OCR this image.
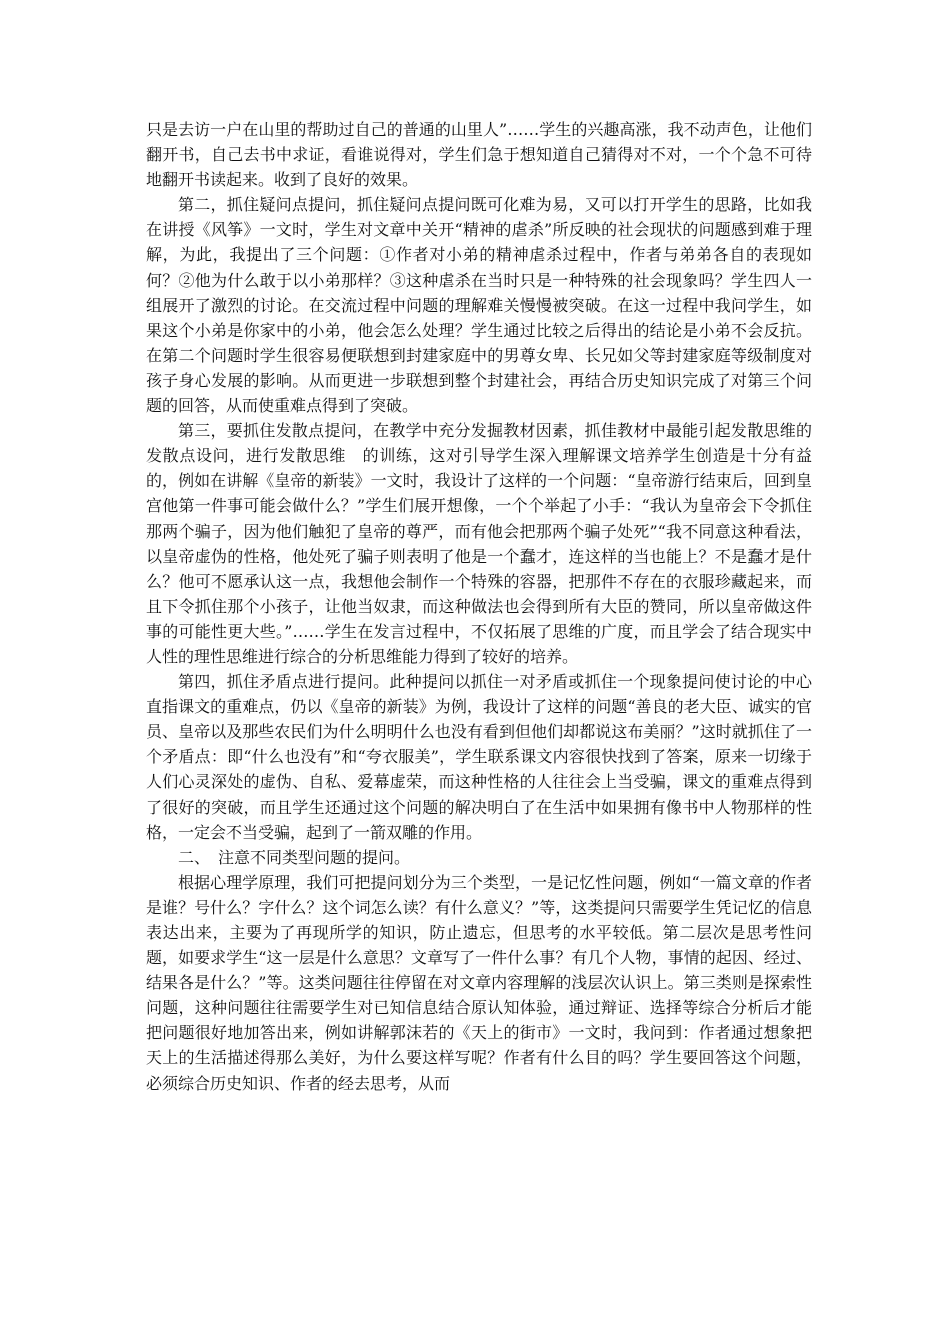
只是去访一户在山里的帮助过自己的普通的山里人”……学生的兴趣高涨，我不动声色，让他们翻开书，自己去书中求证，看谁说得对，学生们急于想知道自己猜得对不对，一个个急不可待地翻开书读起来。收到了良好的效果。

第二，抓住疑问点提问，抓住疑问点提问既可化难为易，又可以打开学生的思路，比如我在讲授《风筝》一文时，学生对文章中关开“精神的虐杀”所反映的社会现状的问题感到难于理解，为此，我提出了三个问题：①作者对小弟的精神虐杀过程中，作者与弟弟各自的表现如何？②他为什么敢于以小弟那样？③这种虐杀在当时只是一种特殊的社会现象吗？学生四人一组展开了激烈的讨论。在交流过程中问题的理解难关慢慢被突破。在这一过程中我问学生，如果这个小弟是你家中的小弟，他会怎么处理？学生通过比较之后得出的结论是小弟不会反抗。在第二个问题时学生很容易便联想到封建家庭中的男尊女卑、长兄如父等封建家庭等级制度对孩子身心发展的影响。从而更进一步联想到整个封建社会，再结合历史知识完成了对第三个问题的回答，从而使重难点得到了突破。

第三，要抓住发散点提问，在教学中充分发掘教材因素，抓佳教材中最能引起发散思维的发散点设问，进行发散思维　的训练，这对引导学生深入理解课文培养学生创造是十分有益的，例如在讲解《皇帝的新装》一文时，我设计了这样的一个问题：“皇帝游行结束后，回到皇宫他第一件事可能会做什么？”学生们展开想像，一个个举起了小手：“我认为皇帝会下令抓住那两个骗子，因为他们触犯了皇帝的尊严，而有他会把那两个骗子处死”“我不同意这种看法，以皇帝虚伪的性格，他处死了骗子则表明了他是一个蠢才，连这样的当也能上？不是蠢才是什么？他可不愿承认这一点，我想他会制作一个特殊的容器，把那件不存在的衣服珍藏起来，而且下令抓住那个小孩子，让他当奴隶，而这种做法也会得到所有大臣的赞同，所以皇帝做这件事的可能性更大些。”……学生在发言过程中，不仅拓展了思维的广度，而且学会了结合现实中人性的理性思维进行综合的分析思维能力得到了较好的培养。

第四，抓住矛盾点进行提问。此种提问以抓住一对矛盾或抓住一个现象提问使讨论的中心直指课文的重难点，仍以《皇帝的新装》为例，我设计了这样的问题“善良的老大臣、诚实的官员、皇帝以及那些农民们为什么明明什么也没有看到但他们却都说这布美丽？”这时就抓住了一个矛盾点：即“什么也没有”和“夸衣服美”，学生联系课文内容很快找到了答案，原来一切缘于人们心灵深处的虚伪、自私、爱幕虚荣，而这种性格的人往往会上当受骗，课文的重难点得到了很好的突破，而且学生还通过这个问题的解决明白了在生活中如果拥有像书中人物那样的性格，一定会不当受骗，起到了一箭双雕的作用。

二、　注意不同类型问题的提问。

根据心理学原理，我们可把提问划分为三个类型，一是记忆性问题，例如“一篇文章的作者是谁？号什么？字什么？这个词怎么读？有什么意义？”等，这类提问只需要学生凭记忆的信息表达出来，主要为了再现所学的知识，防止遗忘，但思考的水平较低。第二层次是思考性问题，如要求学生“这一层是什么意思？文章写了一件什么事？有几个人物，事情的起因、经过、结果各是什么？”等。这类问题往往停留在对文章内容理解的浅层次认识上。第三类则是探索性问题，这种问题往往需要学生对已知信息结合原认知体验，通过辩证、选择等综合分析后才能把问题很好地加答出来，例如讲解郭沫若的《天上的街市》一文时，我问到：作者通过想象把天上的生活描述得那么美好，为什么要这样写呢？作者有什么目的吗？学生要回答这个问题，必须综合历史知识、作者的经去思考，从而
